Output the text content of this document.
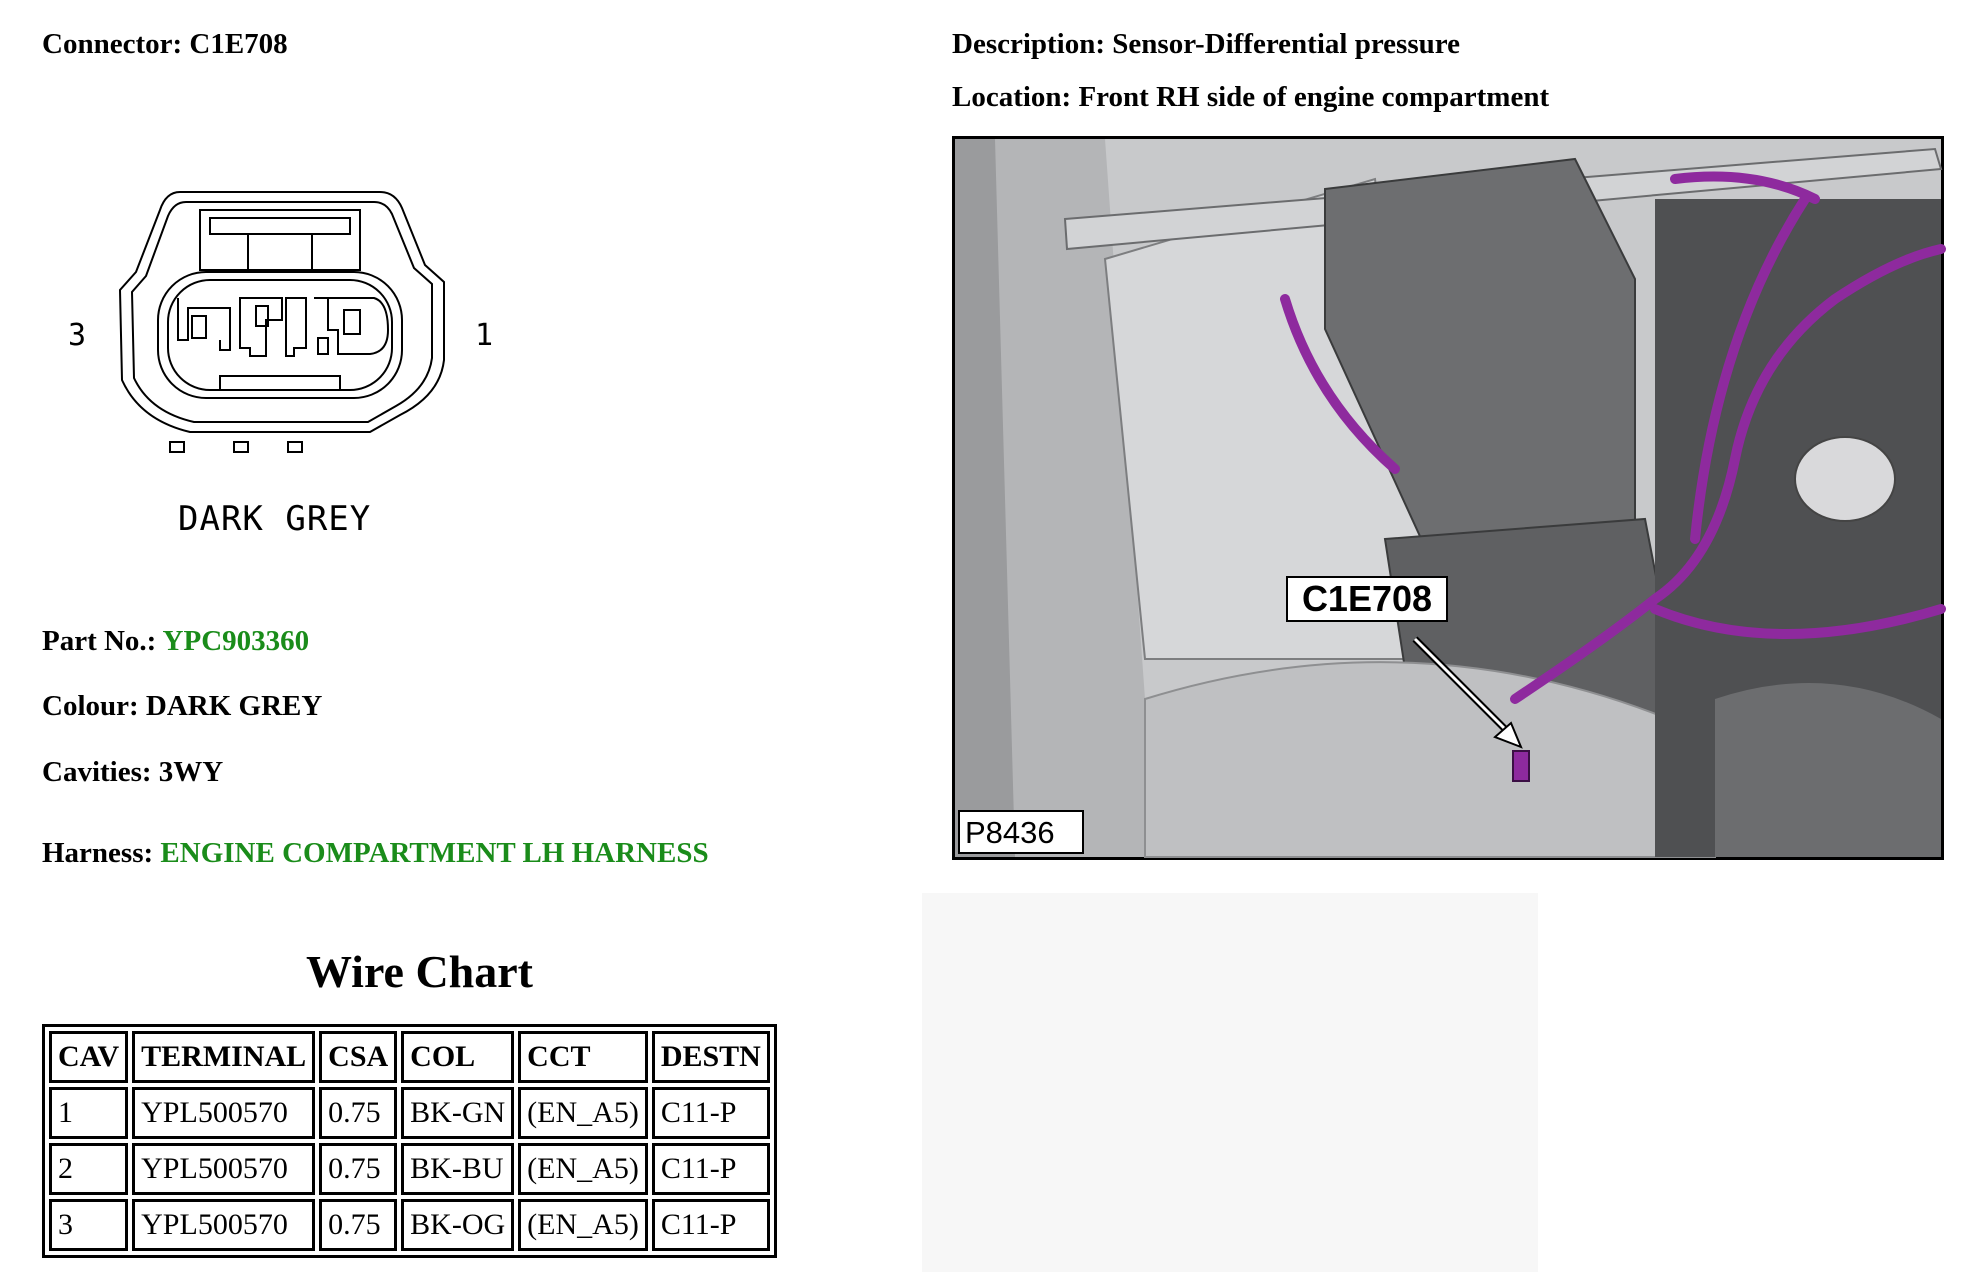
Connector: C1E708	Description: Sensor-Differential pressure
Location: Front RH side of engine compartment
3	1
DARK GREY
Part No.: YPC903360
Colour: DARK GREY
Cavities: 3WY
Harness: ENGINE COMPARTMENT LH HARNESS
Wire Chart
CAV	TERMINAL	CSA	COL	CCT	DESTN
1	YPL500570	0.75	BK-GN	(EN_A5)	C11-P
2	YPL500570	0.75	BK-BU	(EN_A5)	C11-P
3	YPL500570	0.75	BK-OG	(EN_A5)	C11-P
C1E708
P8436
